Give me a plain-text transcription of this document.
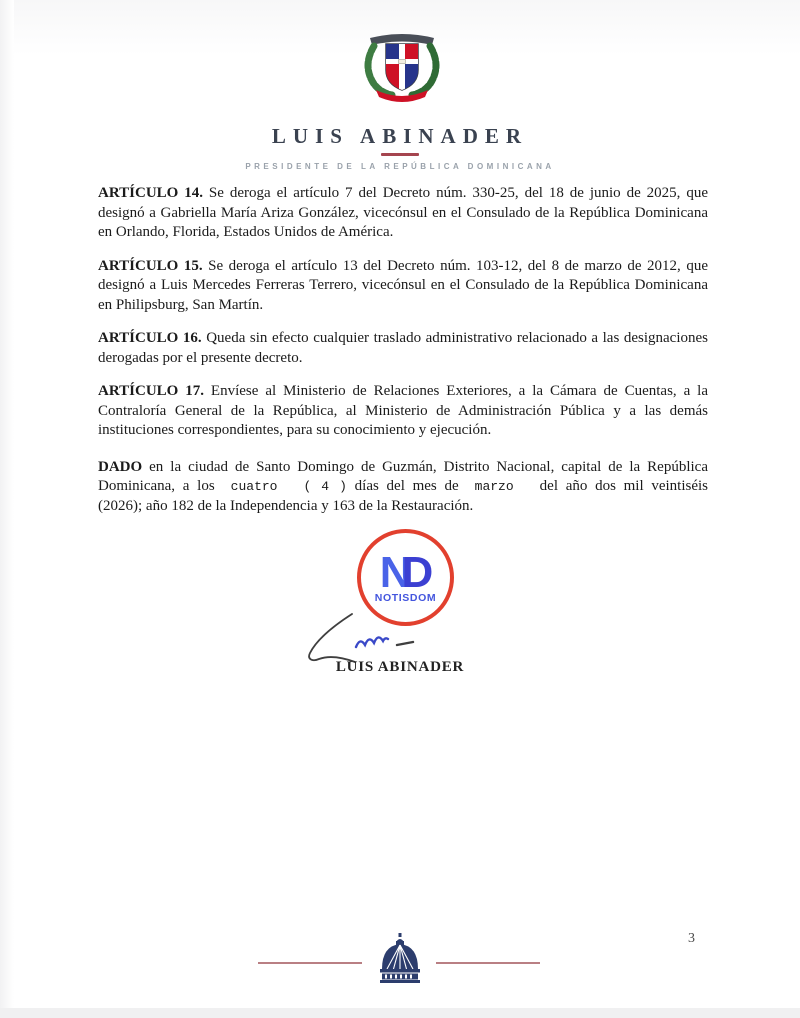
LUIS ABINADER
PRESIDENTE DE LA REPÚBLICA DOMINICANA

ARTÍCULO 14. Se deroga el artículo 7 del Decreto núm. 330-25, del 18 de junio de 2025, que designó a Gabriella María Ariza González, vicecónsul en el Consulado de la República Dominicana en Orlando, Florida, Estados Unidos de América.

ARTÍCULO 15. Se deroga el artículo 13 del Decreto núm. 103-12, del 8 de marzo de 2012, que designó a Luis Mercedes Ferreras Terrero, vicecónsul en el Consulado de la República Dominicana en Philipsburg, San Martín.

ARTÍCULO 16. Queda sin efecto cualquier traslado administrativo relacionado a las designaciones derogadas por el presente decreto.

ARTÍCULO 17. Envíese al Ministerio de Relaciones Exteriores, a la Cámara de Cuentas, a la Contraloría General de la República, al Ministerio de Administración Pública y a las demás instituciones correspondientes, para su conocimiento y ejecución.

DADO en la ciudad de Santo Domingo de Guzmán, Distrito Nacional, capital de la República Dominicana, a los cuatro ( 4 ) días del mes de marzo del año dos mil veintiséis (2026); año 182 de la Independencia y 163 de la Restauración.

N D
NOTISDOM
LUIS ABINADER
3
